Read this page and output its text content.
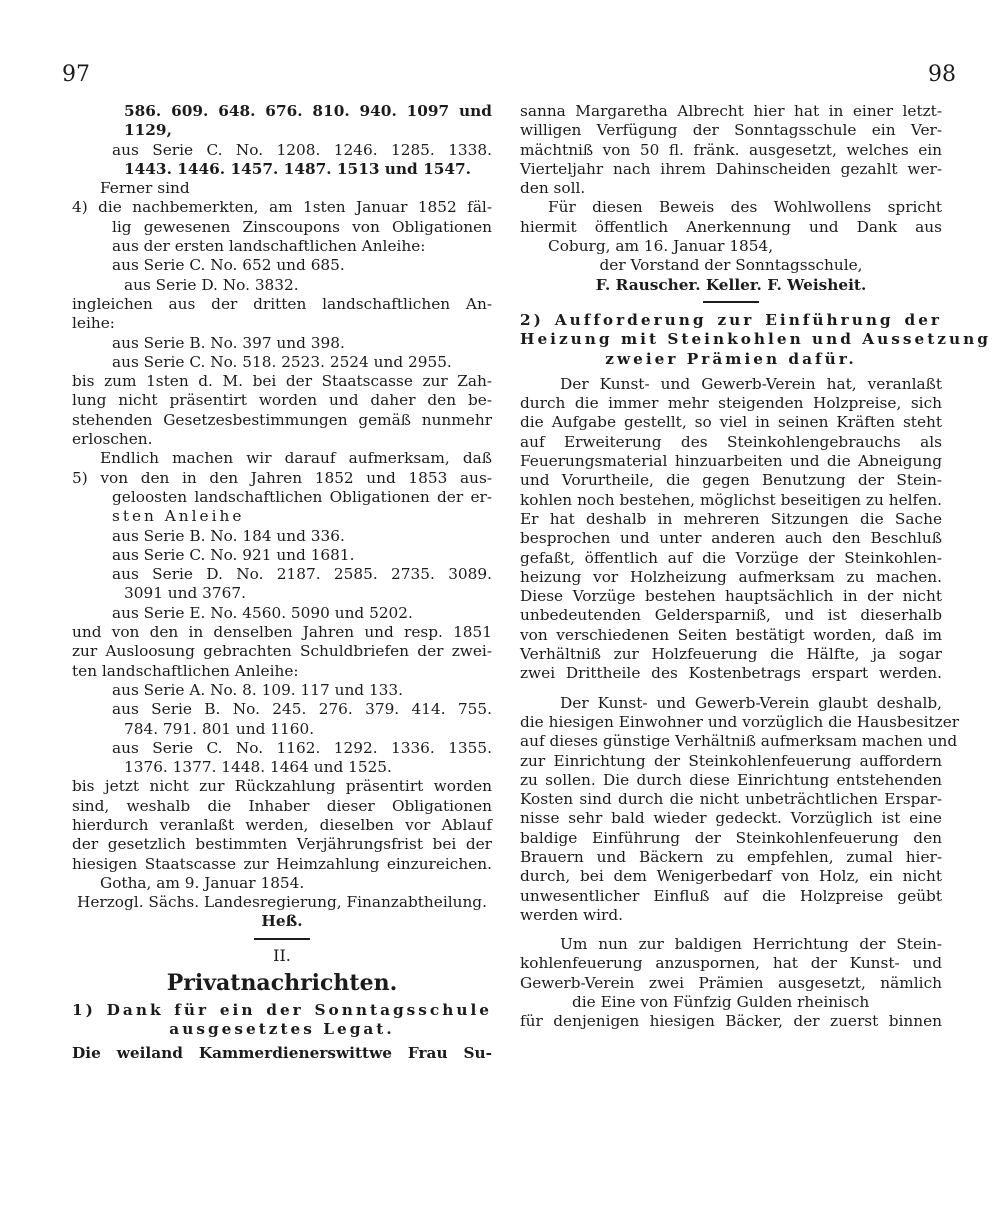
97	98
586. 609. 648. 676. 810. 940. 1097 und
1129,
aus Serie C. No. 1208. 1246. 1285. 1338.
1443. 1446. 1457. 1487. 1513 und 1547.
Ferner sind
4) die nachbemerkten, am 1sten Januar 1852 fäl-
lig gewesenen Zinscoupons von Obligationen
aus der ersten landschaftlichen Anleihe:
aus Serie C. No. 652 und 685.
aus Serie D. No. 3832.
ingleichen aus der dritten landschaftlichen An-
leihe:
aus Serie B. No. 397 und 398.
aus Serie C. No. 518. 2523. 2524 und 2955.
bis zum 1sten d. M. bei der Staatscasse zur Zah-
lung nicht präsentirt worden und daher den be-
stehenden Gesetzesbestimmungen gemäß nunmehr
erloschen.
Endlich machen wir darauf aufmerksam, daß
5) von den in den Jahren 1852 und 1853 aus-
geloosten landschaftlichen Obligationen der er-
sten Anleihe
aus Serie B. No. 184 und 336.
aus Serie C. No. 921 und 1681.
aus Serie D. No. 2187. 2585. 2735. 3089.
3091 und 3767.
aus Serie E. No. 4560. 5090 und 5202.
und von den in denselben Jahren und resp. 1851
zur Ausloosung gebrachten Schuldbriefen der zwei-
ten landschaftlichen Anleihe:
aus Serie A. No. 8. 109. 117 und 133.
aus Serie B. No. 245. 276. 379. 414. 755.
784. 791. 801 und 1160.
aus Serie C. No. 1162. 1292. 1336. 1355.
1376. 1377. 1448. 1464 und 1525.
bis jetzt nicht zur Rückzahlung präsentirt worden
sind, weshalb die Inhaber dieser Obligationen
hierdurch veranlaßt werden, dieselben vor Ablauf
der gesetzlich bestimmten Verjährungsfrist bei der
hiesigen Staatscasse zur Heimzahlung einzureichen.
Gotha, am 9. Januar 1854.
Herzogl. Sächs. Landesregierung, Finanzabtheilung.
Heß.
II.
Privatnachrichten.
1) Dank für ein der Sonntagsschule
ausgesetztes Legat.
Die weiland Kammerdienerswittwe Frau Su-
sanna Margaretha Albrecht hier hat in einer letzt-
willigen Verfügung der Sonntagsschule ein Ver-
mächtniß von 50 fl. fränk. ausgesetzt, welches ein
Vierteljahr nach ihrem Dahinscheiden gezahlt wer-
den soll.
Für diesen Beweis des Wohlwollens spricht
hiermit öffentlich Anerkennung und Dank aus
Coburg, am 16. Januar 1854,
der Vorstand der Sonntagsschule,
F. Rauscher. Keller. F. Weisheit.
2) Aufforderung zur Einführung der
Heizung mit Steinkohlen und Aussetzung
zweier Prämien dafür.
Der Kunst- und Gewerb-Verein hat, veranlaßt
durch die immer mehr steigenden Holzpreise, sich
die Aufgabe gestellt, so viel in seinen Kräften steht
auf Erweiterung des Steinkohlengebrauchs als
Feuerungsmaterial hinzuarbeiten und die Abneigung
und Vorurtheile, die gegen Benutzung der Stein-
kohlen noch bestehen, möglichst beseitigen zu helfen.
Er hat deshalb in mehreren Sitzungen die Sache
besprochen und unter anderen auch den Beschluß
gefaßt, öffentlich auf die Vorzüge der Steinkohlen-
heizung vor Holzheizung aufmerksam zu machen.
Diese Vorzüge bestehen hauptsächlich in der nicht
unbedeutenden Geldersparniß, und ist dieserhalb
von verschiedenen Seiten bestätigt worden, daß im
Verhältniß zur Holzfeuerung die Hälfte, ja sogar
zwei Drittheile des Kostenbetrags erspart werden.
Der Kunst- und Gewerb-Verein glaubt deshalb,
die hiesigen Einwohner und vorzüglich die Hausbesitzer
auf dieses günstige Verhältniß aufmerksam machen und
zur Einrichtung der Steinkohlenfeuerung auffordern
zu sollen. Die durch diese Einrichtung entstehenden
Kosten sind durch die nicht unbeträchtlichen Erspar-
nisse sehr bald wieder gedeckt. Vorzüglich ist eine
baldige Einführung der Steinkohlenfeuerung den
Brauern und Bäckern zu empfehlen, zumal hier-
durch, bei dem Wenigerbedarf von Holz, ein nicht
unwesentlicher Einfluß auf die Holzpreise geübt
werden wird.
Um nun zur baldigen Herrichtung der Stein-
kohlenfeuerung anzuspornen, hat der Kunst- und
Gewerb-Verein zwei Prämien ausgesetzt, nämlich
die Eine von Fünfzig Gulden rheinisch
für denjenigen hiesigen Bäcker, der zuerst binnen
